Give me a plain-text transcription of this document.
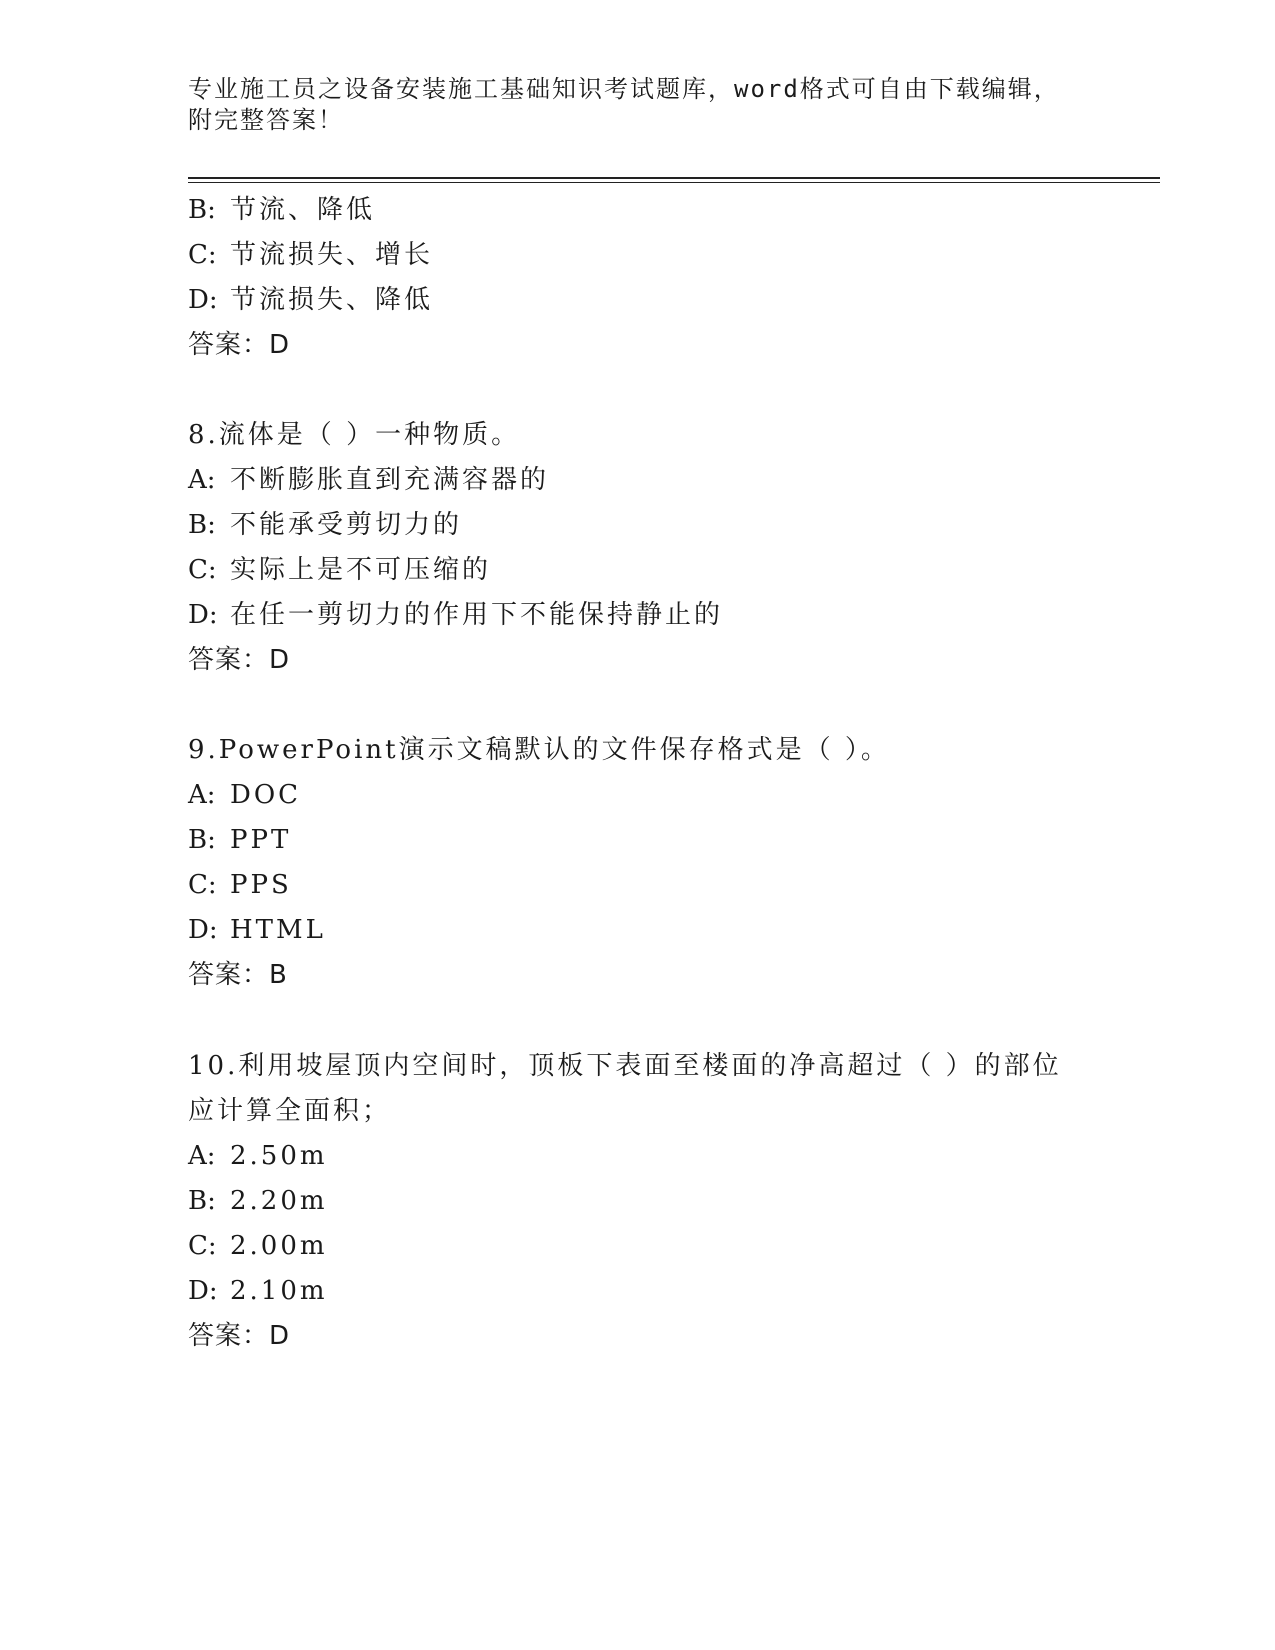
专业施工员之设备安装施工基础知识考试题库，word格式可自由下载编辑，附完整答案！
B: 节流、降低
C: 节流损失、增长
D: 节流损失、降低
答案：D
8.流体是（ ）一种物质。
A: 不断膨胀直到充满容器的
B: 不能承受剪切力的
C: 实际上是不可压缩的
D: 在任一剪切力的作用下不能保持静止的
答案：D
9.PowerPoint演示文稿默认的文件保存格式是（ ）。
A: DOC
B: PPT
C: PPS
D: HTML
答案：B
10.利用坡屋顶内空间时，顶板下表面至楼面的净高超过（ ）的部位
应计算全面积；
A: 2.50m
B: 2.20m
C: 2.00m
D: 2.10m
答案：D
